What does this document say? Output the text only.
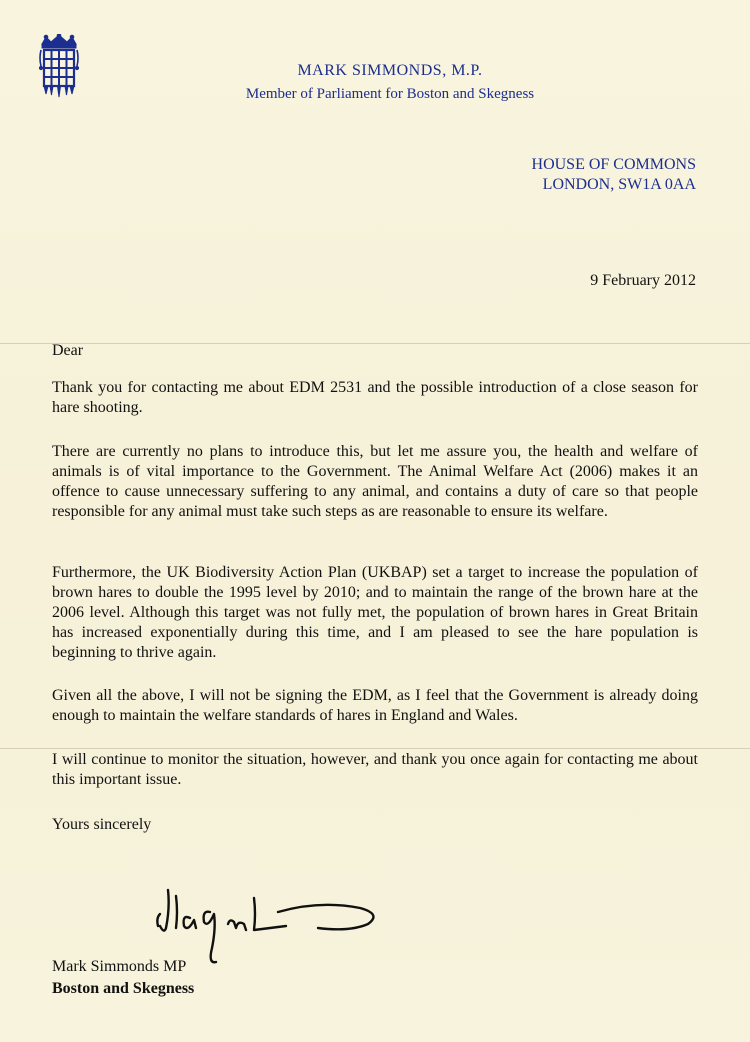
MARK SIMMONDS, M.P.
Member of Parliament for Boston and Skegness
HOUSE OF COMMONS
LONDON, SW1A 0AA
9 February 2012
Dear
Thank you for contacting me about EDM 2531 and the possible introduction of a close season for hare shooting.
There are currently no plans to introduce this, but let me assure you, the health and welfare of animals is of vital importance to the Government. The Animal Welfare Act (2006) makes it an offence to cause unnecessary suffering to any animal, and contains a duty of care so that people responsible for any animal must take such steps as are reasonable to ensure its welfare.
Furthermore, the UK Biodiversity Action Plan (UKBAP) set a target to increase the population of brown hares to double the 1995 level by 2010; and to maintain the range of the brown hare at the 2006 level. Although this target was not fully met, the population of brown hares in Great Britain has increased exponentially during this time, and I am pleased to see the hare population is beginning to thrive again.
Given all the above, I will not be signing the EDM, as I feel that the Government is already doing enough to maintain the welfare standards of hares in England and Wales.
I will continue to monitor the situation, however, and thank you once again for contacting me about this important issue.
Yours sincerely
Mark Simmonds MP
Boston and Skegness
